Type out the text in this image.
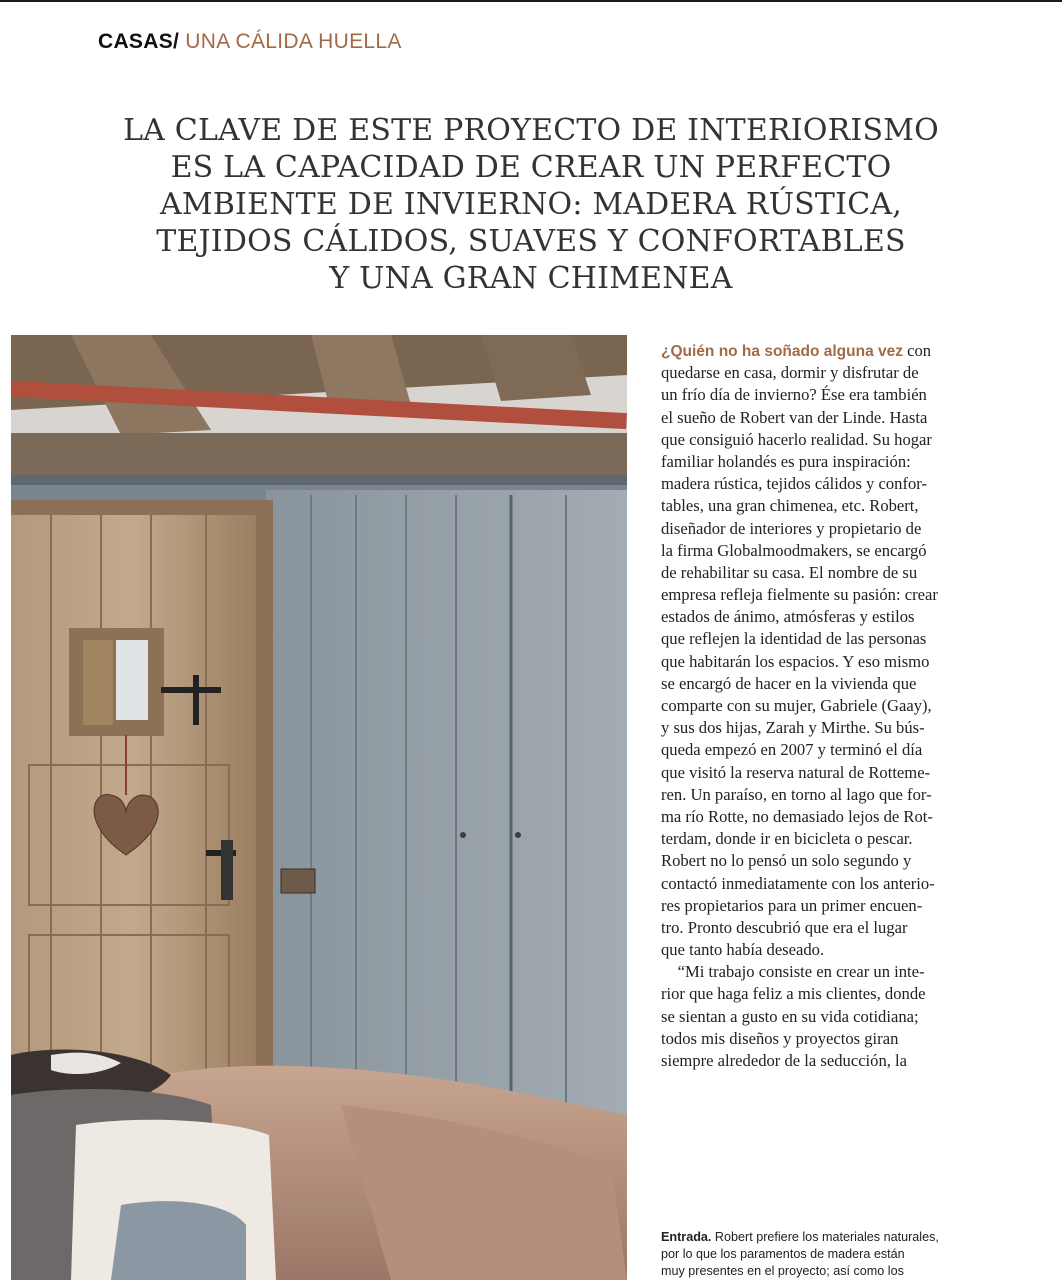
CASAS/ UNA CÁLIDA HUELLA
LA CLAVE DE ESTE PROYECTO DE INTERIORISMO
ES LA CAPACIDAD DE CREAR UN PERFECTO
AMBIENTE DE INVIERNO: MADERA RÚSTICA,
TEJIDOS CÁLIDOS, SUAVES Y CONFORTABLES
Y UNA GRAN CHIMENEA
¿Quién no ha soñado alguna vez con
quedarse en casa, dormir y disfrutar de
un frío día de invierno? Ése era también
el sueño de Robert van der Linde. Hasta
que consiguió hacerlo realidad. Su hogar
familiar holandés es pura inspiración:
madera rústica, tejidos cálidos y confor-
tables, una gran chimenea, etc. Robert,
diseñador de interiores y propietario de
la firma Globalmoodmakers, se encargó
de rehabilitar su casa. El nombre de su
empresa refleja fielmente su pasión: crear
estados de ánimo, atmósferas y estilos
que reflejen la identidad de las personas
que habitarán los espacios. Y eso mismo
se encargó de hacer en la vivienda que
comparte con su mujer, Gabriele (Gaay),
y sus dos hijas, Zarah y Mirthe. Su bús-
queda empezó en 2007 y terminó el día
que visitó la reserva natural de Rotteme-
ren. Un paraíso, en torno al lago que for-
ma río Rotte, no demasiado lejos de Rot-
terdam, donde ir en bicicleta o pescar.
Robert no lo pensó un solo segundo y
contactó inmediatamente con los anterio-
res propietarios para un primer encuen-
tro. Pronto descubrió que era el lugar
que tanto había deseado.
“Mi trabajo consiste en crear un inte-
rior que haga feliz a mis clientes, donde
se sientan a gusto en su vida cotidiana;
todos mis diseños y proyectos giran
siempre alrededor de la seducción, la
Entrada. Robert prefiere los materiales naturales,
por lo que los paramentos de madera están
muy presentes en el proyecto; así como los
